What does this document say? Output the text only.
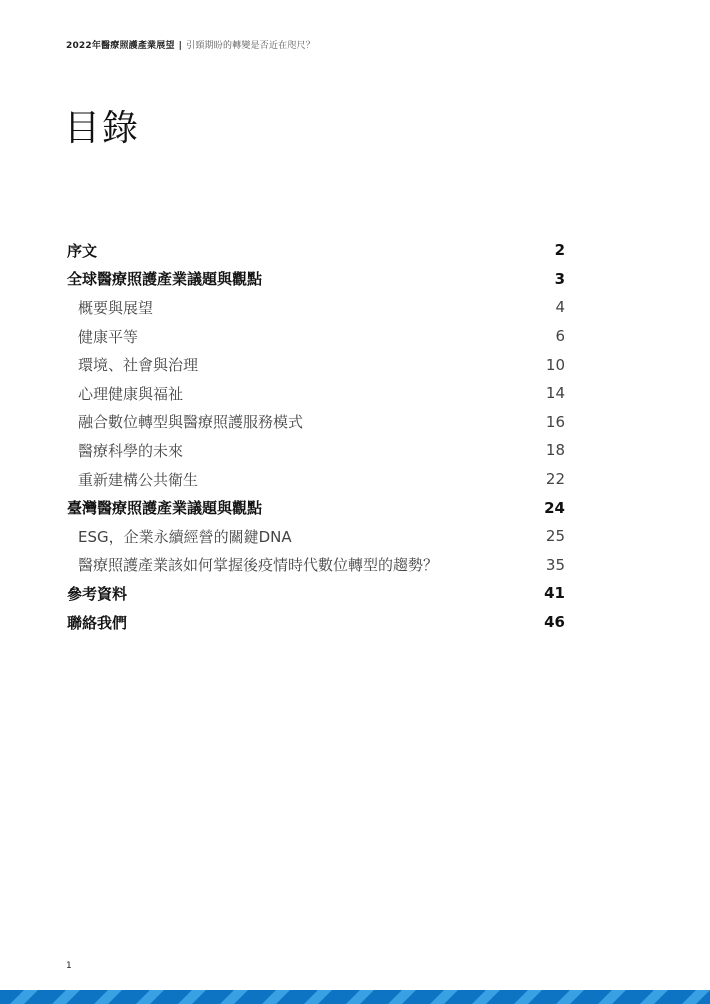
2022年醫療照護產業展望 | 引頸期盼的轉變是否近在咫尺？
目錄
序文	2
全球醫療照護產業議題與觀點	3
概要與展望	4
健康平等	6
環境、社會與治理	10
心理健康與福祉	14
融合數位轉型與醫療照護服務模式	16
醫療科學的未來	18
重新建構公共衛生	22
臺灣醫療照護產業議題與觀點	24
ESG，企業永續經營的關鍵DNA	25
醫療照護產業該如何掌握後疫情時代數位轉型的趨勢？	35
參考資料	41
聯絡我們	46
1
